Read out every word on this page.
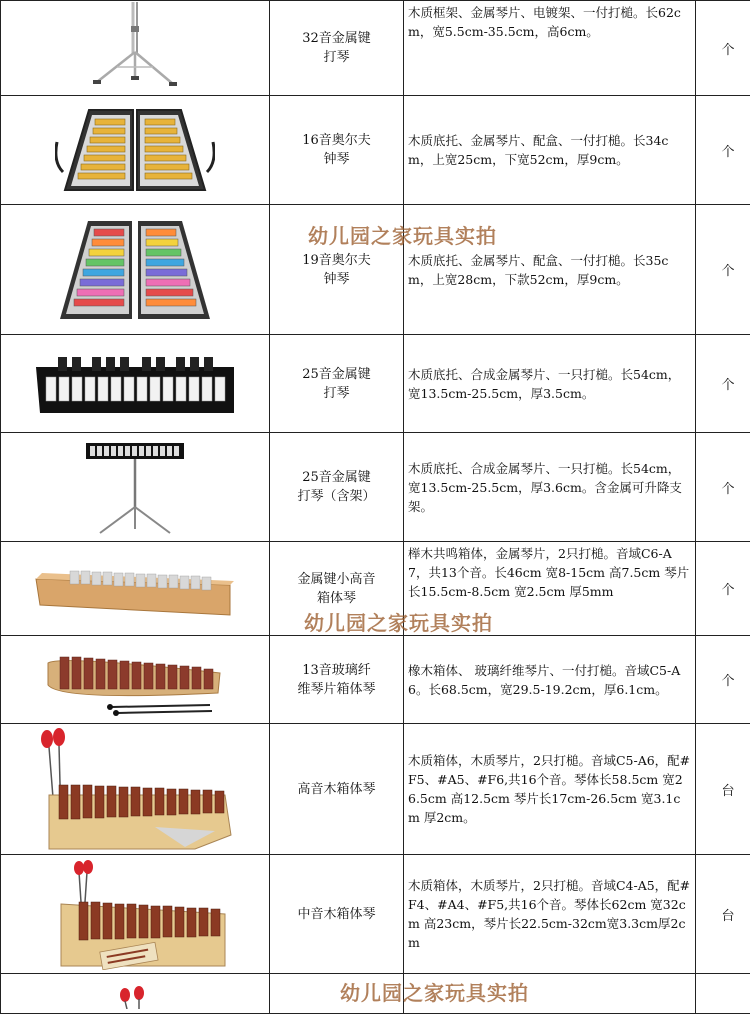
	32音金属键打琴	木质框架、金属琴片、电镀架、一付打槌。长62cm，宽5.5cm-35.5cm，高6cm。	个

	16音奥尔夫钟琴	木质底托、金属琴片、配盒、一付打槌。长34cm，上宽25cm，下宽52cm，厚9cm。	个

	19音奥尔夫钟琴	木质底托、金属琴片、配盒、一付打槌。长35cm，上宽28cm，下款52cm，厚9cm。	个

	25音金属键打琴	木质底托、合成金属琴片、一只打槌。长54cm，宽13.5cm-25.5cm，厚3.5cm。	个

	25音金属键打琴（含架）	木质底托、合成金属琴片、一只打槌。长54cm，宽13.5cm-25.5cm，厚3.6cm。含金属可升降支架。	个

	金属键小高音箱体琴	榉木共鸣箱体，金属琴片，2只打槌。音域C6-A7，共13个音。长46cm 宽8-15cm 高7.5cm 琴片长15.5cm-8.5cm 宽2.5cm 厚5mm	个

	13音玻璃纤维琴片箱体琴	橡木箱体、 玻璃纤维琴片、一付打槌。音域C5-A6。长68.5cm，宽29.5-19.2cm，厚6.1cm。	个

	高音木箱体琴	木质箱体，木质琴片，2只打槌。音域C5-A6，配#F5、#A5、#F6,共16个音。琴体长58.5cm 宽26.5cm 高12.5cm 琴片长17cm-26.5cm 宽3.1cm 厚2cm。	台

	中音木箱体琴	木质箱体，木质琴片，2只打槌。音域C4-A5，配#F4、#A4、#F5,共16个音。琴体长62cm 宽32cm 高23cm，琴片长22.5cm-32cm宽3.3cm厚2cm	台

幼儿园之家玩具实拍
幼儿园之家玩具实拍
幼儿园之家玩具实拍
